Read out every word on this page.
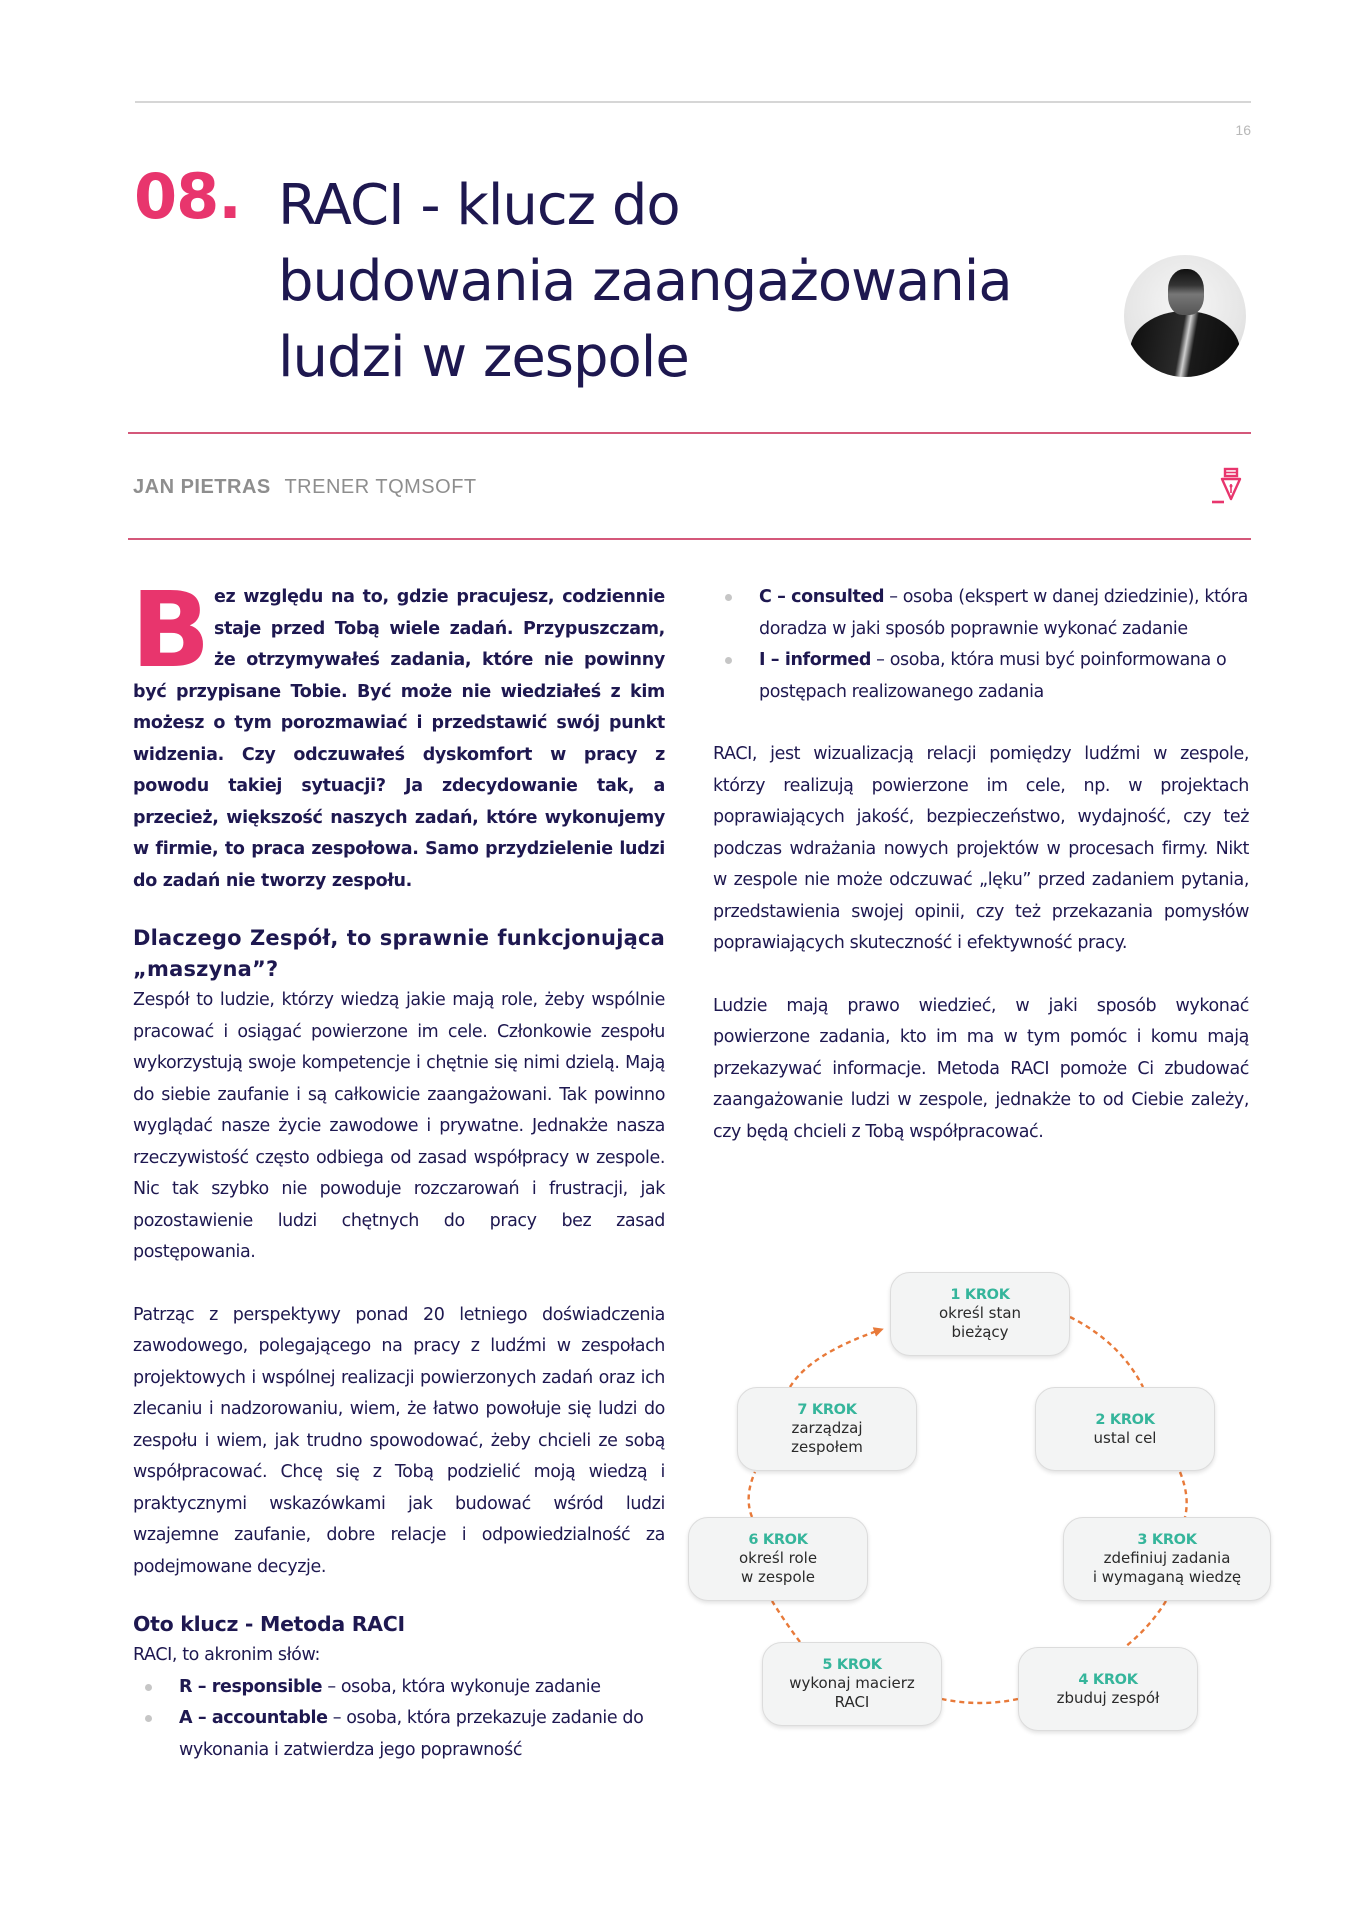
16
08. RACI - klucz do
budowania zaangażowania
ludzi w zespole
JAN PIETRAS TRENER TQMSOFT

Bez względu na to, gdzie pracujesz, codziennie staje przed Tobą wiele zadań. Przypuszczam, że otrzymywałeś zadania, które nie powinny być przypisane Tobie. Być może nie wiedziałeś z kim możesz o tym porozmawiać i przedstawić swój punkt widzenia. Czy odczuwałeś dyskomfort w pracy z powodu takiej sytuacji? Ja zdecydowanie tak, a przecież, większość naszych zadań, które wykonujemy w firmie, to praca zespołowa. Samo przydzielenie ludzi do zadań nie tworzy zespołu.

Dlaczego Zespół, to sprawnie funkcjonująca „maszyna”?

Zespół to ludzie, którzy wiedzą jakie mają role, żeby wspólnie pracować i osiągać powierzone im cele. Członkowie zespołu wykorzystują swoje kompetencje i chętnie się nimi dzielą. Mają do siebie zaufanie i są całkowicie zaangażowani. Tak powinno wyglądać nasze życie zawodowe i prywatne. Jednakże nasza rzeczywistość często odbiega od zasad współpracy w zespole. Nic tak szybko nie powoduje rozczarowań i frustracji, jak pozostawienie ludzi chętnych do pracy bez zasad postępowania.

Patrząc z perspektywy ponad 20 letniego doświadczenia zawodowego, polegającego na pracy z ludźmi w zespołach projektowych i wspólnej realizacji powierzonych zadań oraz ich zlecaniu i nadzorowaniu, wiem, że łatwo powołuje się ludzi do zespołu i wiem, jak trudno spowodować, żeby chcieli ze sobą współpracować. Chcę się z Tobą podzielić moją wiedzą i praktycznymi wskazówkami jak budować wśród ludzi wzajemne zaufanie, dobre relacje i odpowiedzialność za podejmowane decyzje.

Oto klucz - Metoda RACI

RACI, to akronim słów:

R – responsible – osoba, która wykonuje zadanie
A – accountable – osoba, która przekazuje zadanie do wykonania i zatwierdza jego poprawność
C – consulted – osoba (ekspert w danej dziedzinie), która doradza w jaki sposób poprawnie wykonać zadanie
I – informed – osoba, która musi być poinformowana o postępach realizowanego zadania

RACI, jest wizualizacją relacji pomiędzy ludźmi w zespole, którzy realizują powierzone im cele, np. w projektach poprawiających jakość, bezpieczeństwo, wydajność, czy też podczas wdrażania nowych projektów w procesach firmy. Nikt w zespole nie może odczuwać „lęku” przed zadaniem pytania, przedstawienia swojej opinii, czy też przekazania pomysłów poprawiających skuteczność i efektywność pracy.

Ludzie mają prawo wiedzieć, w jaki sposób wykonać powierzone zadania, kto im ma w tym pomóc i komu mają przekazywać informacje. Metoda RACI pomoże Ci zbudować zaangażowanie ludzi w zespole, jednakże to od Ciebie zależy, czy będą chcieli z Tobą współpracować.

1 KROK
określ stan
bieżący
2 KROK
ustal cel
3 KROK
zdefiniuj zadania
i wymaganą wiedzę
4 KROK
zbuduj zespół
5 KROK
wykonaj macierz
RACI
6 KROK
określ role
w zespole
7 KROK
zarządzaj
zespołem
